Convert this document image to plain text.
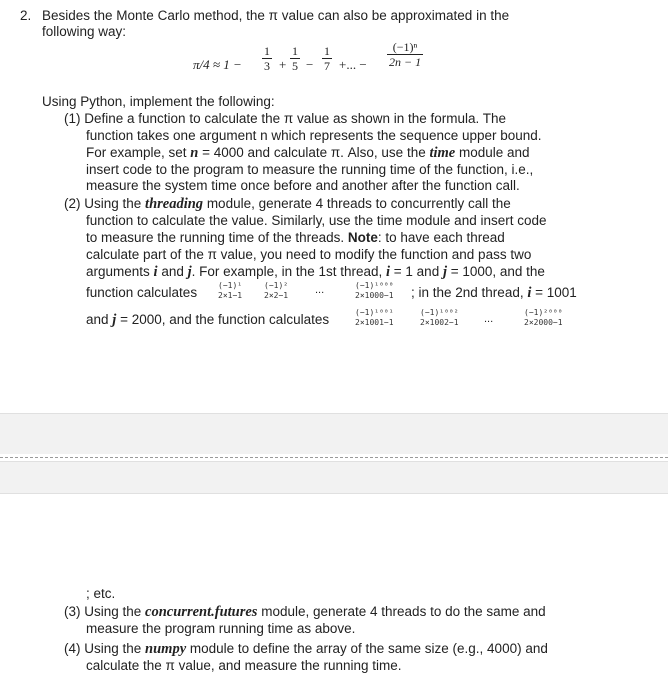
2. Besides the Monte Carlo method, the π value can also be approximated in the
following way:
π/4 ≈ 1 −
1
3 +
1
5 −
1
7 +... −
(−1)ⁿ
2n − 1
Using Python, implement the following:
(1) Define a function to calculate the π value as shown in the formula. The
function takes one argument n which represents the sequence upper bound.
For example, set n = 4000 and calculate π. Also, use the time module and
insert code to the program to measure the running time of the function, i.e.,
measure the system time once before and another after the function call.
(2) Using the threading module, generate 4 threads to concurrently call the
function to calculate the value. Similarly, use the time module and insert code
to measure the running time of the threads. Note: to have each thread
calculate part of the π value, you need to modify the function and pass two
arguments i and j. For example, in the 1st thread, i = 1 and j = 1000, and the
function calculates	(−1)¹
2×1−1
(−1)²
2×2−1 ...	(−1)¹⁰⁰⁰
2×1000−1 ; in the 2nd thread, i = 1001
and j = 2000, and the function calculates	(−1)¹⁰⁰¹
2×1001−1
(−1)¹⁰⁰²
2×1002−1 ...
(−1)²⁰⁰⁰
2×2000−1
; etc.
(3) Using the concurrent.futures module, generate 4 threads to do the same and
measure the program running time as above.
(4) Using the numpy module to define the array of the same size (e.g., 4000) and
calculate the π value, and measure the running time.
